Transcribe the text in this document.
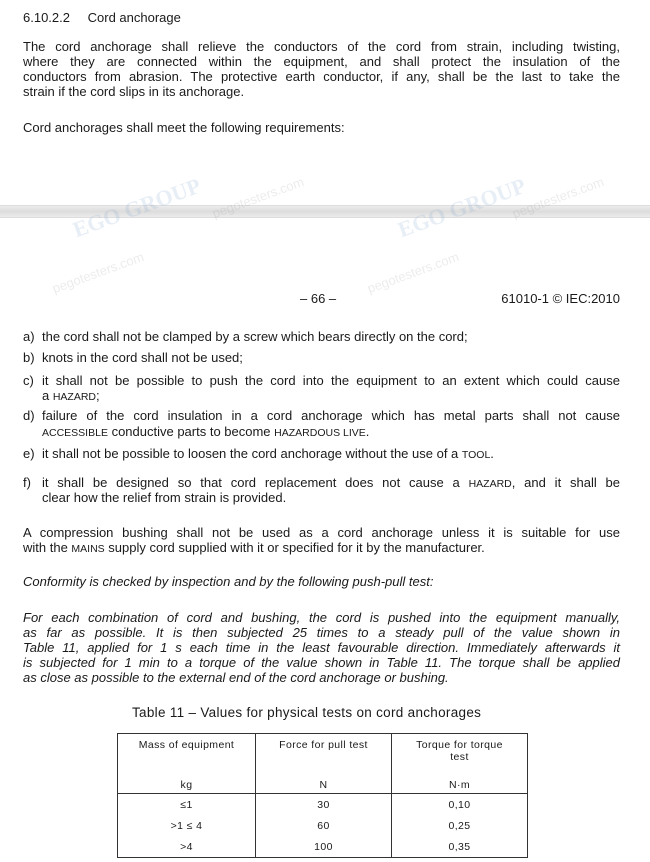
6.10.2.2 Cord anchorage
Cord anchorages shall meet the following requirements:
– 66 –	61010-1 © IEC:2010
Conformity is checked by inspection and by the following push-pull test:
Table 11 – Values for physical tests on cord anchorages
Mass of equipment	Force for pull test	Torque for torque test
kg	N	N·m
≤1	30	0,10
>1 ≤ 4	60	0,25
>4	100	0,35
pegotesters.com	pegotesters.com
pegotesters.com	pegotesters.com
The cord anchorage shall relieve the conductors of the cord from strain, including twisting,
where they are connected within the equipment, and shall protect the insulation of the
conductors from abrasion. The protective earth conductor, if any, shall be the last to take the
strain if the cord slips in its anchorage.
a) the cord shall not be clamped by a screw which bears directly on the cord;
b) knots in the cord shall not be used;
c) it shall not be possible to push the cord into the equipment to an extent which could cause
a HAZARD;
d) failure of the cord insulation in a cord anchorage which has metal parts shall not cause
ACCESSIBLE conductive parts to become HAZARDOUS LIVE.
e) it shall not be possible to loosen the cord anchorage without the use of a TOOL.
f) it shall be designed so that cord replacement does not cause a HAZARD, and it shall be
clear how the relief from strain is provided.
A compression bushing shall not be used as a cord anchorage unless it is suitable for use
with the MAINS supply cord supplied with it or specified for it by the manufacturer.
For each combination of cord and bushing, the cord is pushed into the equipment manually,
as far as possible. It is then subjected 25 times to a steady pull of the value shown in
Table 11, applied for 1 s each time in the least favourable direction. Immediately afterwards it
is subjected for 1 min to a torque of the value shown in Table 11. The torque shall be applied
as close as possible to the external end of the cord anchorage or bushing.
